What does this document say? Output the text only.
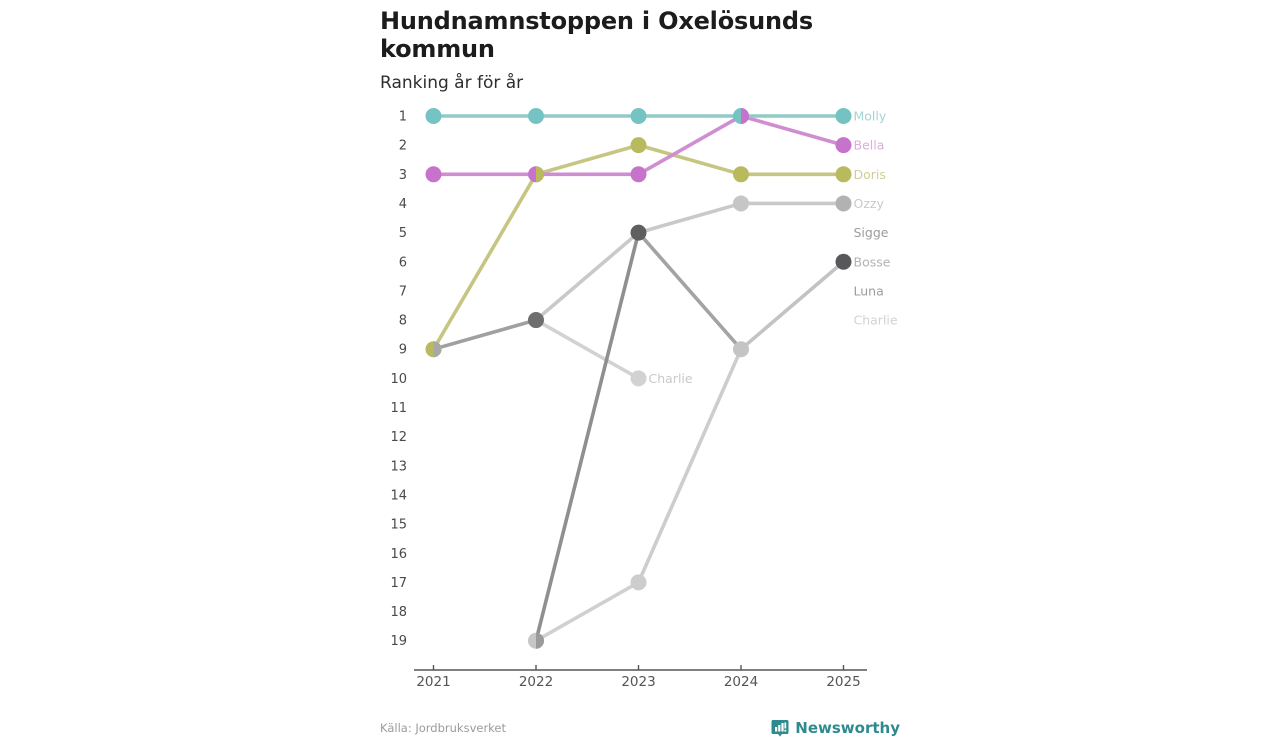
Hundnamnstoppen i Oxelösunds kommun
Ranking år för år
1
2
3
4
5
6
7
8
9
10
11
12
13
14
15
16
17
18
19
Molly
Bella
Doris
Ozzy
Sigge
Bosse
Luna
Charlie
Charlie
2021	2022	2023	2024	2025
Källa: Jordbruksverket	Newsworthy
